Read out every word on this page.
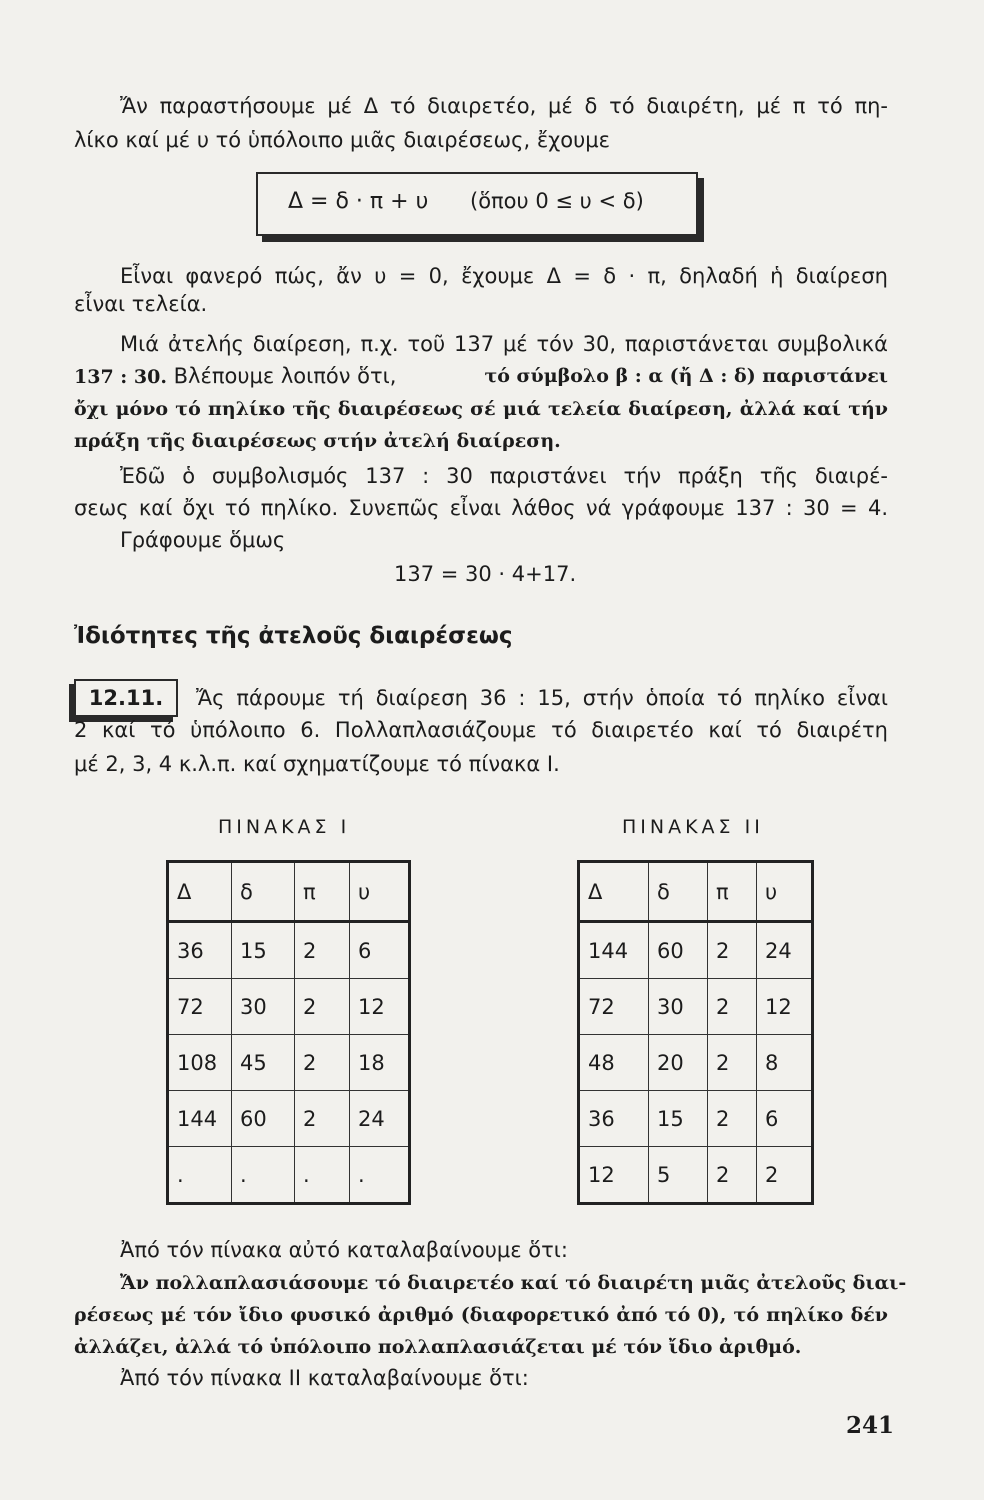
Ἄν παραστήσουμε μέ Δ τό διαιρετέο, μέ δ τό διαιρέτη, μέ π τό πη-
λίκο καί μέ υ τό ὑπόλοιπο μιᾶς διαιρέσεως, ἔχουμε
Δ = δ · π + υ (ὅπου 0 ≤ υ < δ)
Εἶναι φανερό πώς, ἄν υ = 0, ἔχουμε Δ = δ · π, δηλαδή ἡ διαίρεση
εἶναι τελεία.
Μιά ἀτελής διαίρεση, π.χ. τοῦ 137 μέ τόν 30, παριστάνεται συμβολικά
137 : 30. Βλέπουμε λοιπόν ὅτι,	τό σύμβολο β : α (ἤ Δ : δ) παριστάνει
ὄχι μόνο τό πηλίκο τῆς διαιρέσεως σέ μιά τελεία διαίρεση, ἀλλά καί τήν
πράξη τῆς διαιρέσεως στήν ἀτελή διαίρεση.
Ἐδῶ ὁ συμβολισμός 137 : 30 παριστάνει τήν πράξη τῆς διαιρέ-
σεως καί ὄχι τό πηλίκο. Συνεπῶς εἶναι λάθος νά γράφουμε 137 : 30 = 4.
Γράφουμε ὅμως
137 = 30 · 4+17.
Ἰδιότητες τῆς ἀτελοῦς διαιρέσεως
12.11.	Ἄς πάρουμε τή διαίρεση 36 : 15, στήν ὁποία τό πηλίκο εἶναι
2 καί τό ὑπόλοιπο 6. Πολλαπλασιάζουμε τό διαιρετέο καί τό διαιρέτη
μέ 2, 3, 4 κ.λ.π. καί σχηματίζουμε τό πίνακα Ι.
ΠΙΝΑΚΑΣ Ι	ΠΙΝΑΚΑΣ ΙΙ
Δ	δ	π	υ
36	15	2	6
72	30	2	12
108	45	2	18
144	60	2	24
.	.	.	.
Δ	δ	π	υ
144	60	2	24
72	30	2	12
48	20	2	8
36	15	2	6
12	5	2	2
Ἀπό τόν πίνακα αὐτό καταλαβαίνουμε ὅτι:
Ἄν πολλαπλασιάσουμε τό διαιρετέο καί τό διαιρέτη μιᾶς ἀτελοῦς διαι-
ρέσεως μέ τόν ἴδιο φυσικό ἀριθμό (διαφορετικό ἀπό τό 0), τό πηλίκο δέν
ἀλλάζει, ἀλλά τό ὑπόλοιπο πολλαπλασιάζεται μέ τόν ἴδιο ἀριθμό.
Ἀπό τόν πίνακα ΙΙ καταλαβαίνουμε ὅτι:
241
